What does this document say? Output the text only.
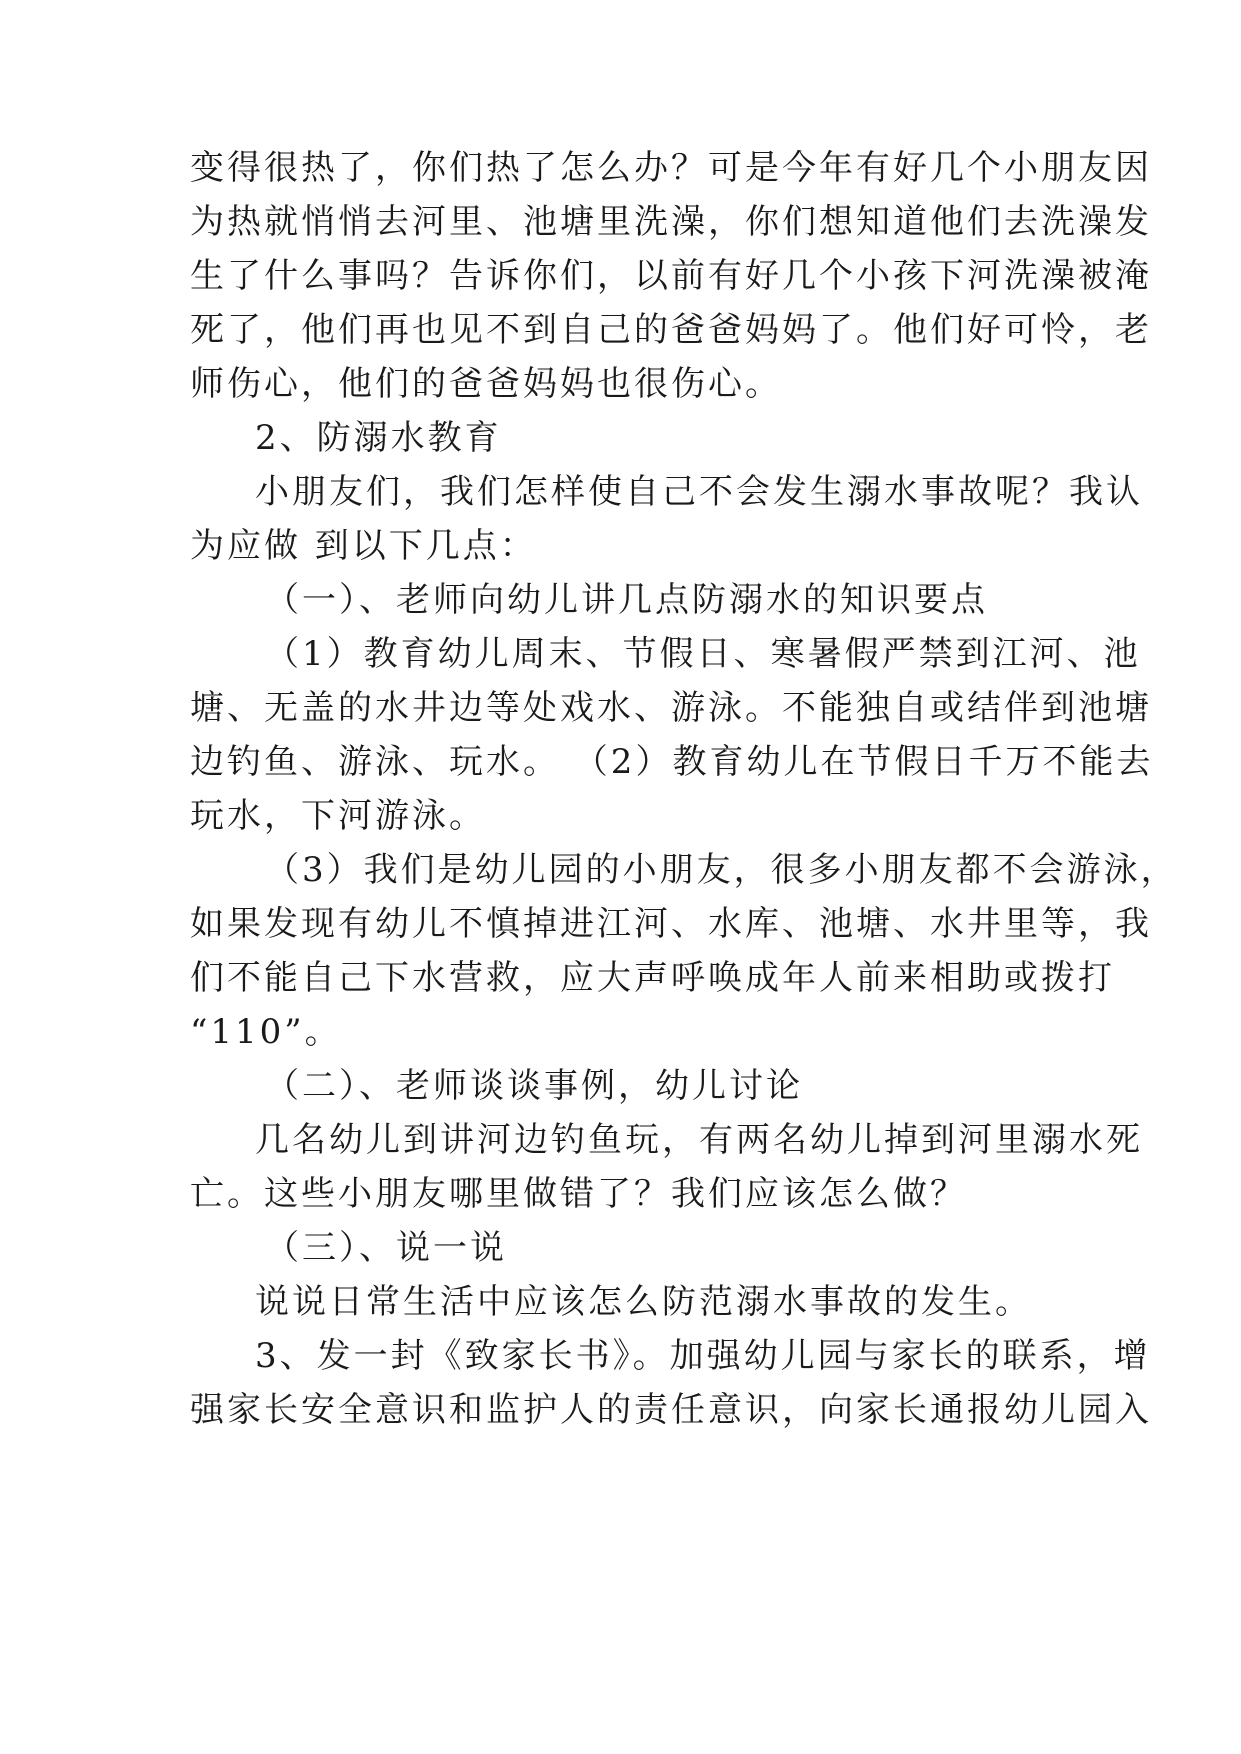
变得很热了，你们热了怎么办？可是今年有好几个小朋友因
为热就悄悄去河里、池塘里洗澡，你们想知道他们去洗澡发
生了什么事吗？告诉你们，以前有好几个小孩下河洗澡被淹
死了，他们再也见不到自己的爸爸妈妈了。他们好可怜，老
师伤心，他们的爸爸妈妈也很伤心。
2、防溺水教育
小朋友们，我们怎样使自己不会发生溺水事故呢？我认
为应做 到以下几点：
（一）、老师向幼儿讲几点防溺水的知识要点
（1）教育幼儿周末、节假日、寒暑假严禁到江河、池
塘、无盖的水井边等处戏水、游泳。不能独自或结伴到池塘
边钓鱼、游泳、玩水。 （2）教育幼儿在节假日千万不能去
玩水，下河游泳。
（3）我们是幼儿园的小朋友，很多小朋友都不会游泳，
如果发现有幼儿不慎掉进江河、水库、池塘、水井里等，我
们不能自己下水营救，应大声呼唤成年人前来相助或拨打
“110”。
（二）、老师谈谈事例，幼儿讨论
几名幼儿到讲河边钓鱼玩，有两名幼儿掉到河里溺水死
亡。这些小朋友哪里做错了？我们应该怎么做？
（三）、说一说
说说日常生活中应该怎么防范溺水事故的发生。
3、发一封《致家长书》。加强幼儿园与家长的联系，增
强家长安全意识和监护人的责任意识，向家长通报幼儿园入
